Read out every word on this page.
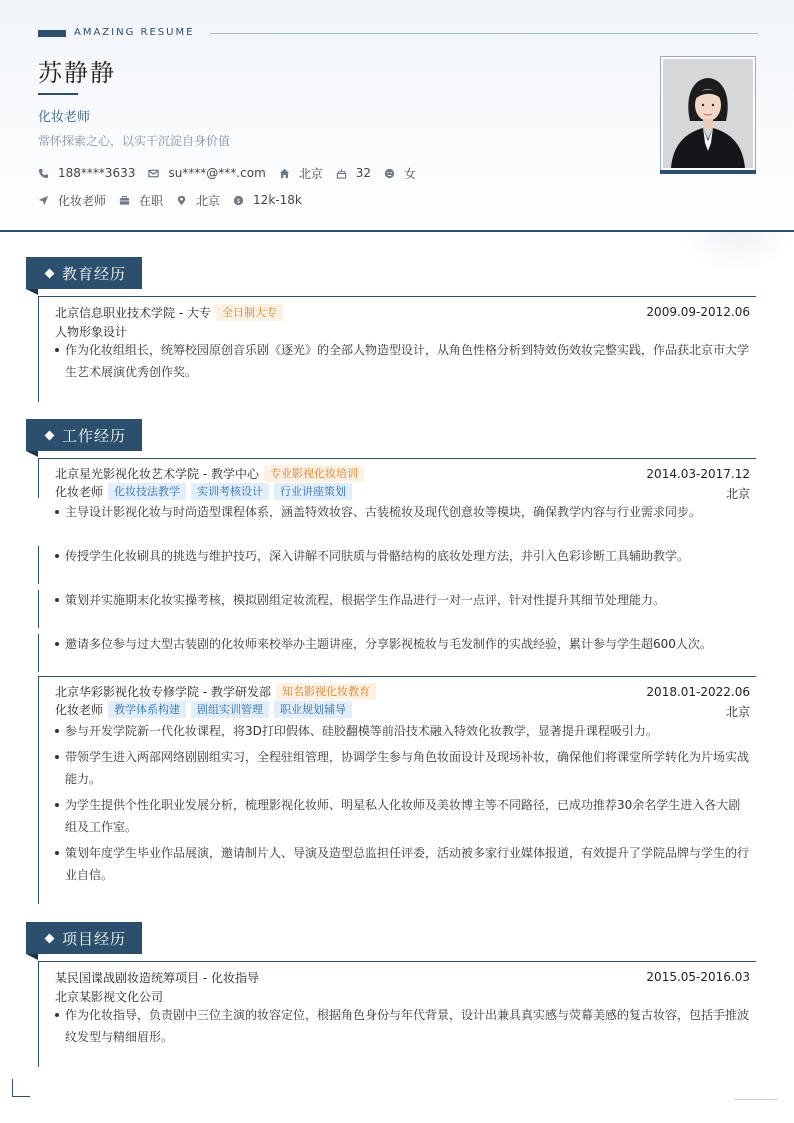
AMAZING RESUME
苏静静
化妆老师
常怀探索之心，以实干沉淀自身价值
188****3633	su****@***.com	北京	32	女
化妆老师	在职	北京 $ 12k-18k
教育经历
北京信息职业技术学院 - 大专	全日制大专	2009.09-2012.06
人物形象设计
作为化妆组组长，统筹校园原创音乐剧《逐光》的全部人物造型设计，从角色性格分析到特效伤效妆完整实践，作品获北京市大学
生艺术展演优秀创作奖。
工作经历
北京星光影视化妆艺术学院 - 教学中心	专业影视化妆培训	2014.03-2017.12
化妆老师	化妆技法教学	实训考核设计	行业讲座策划	北京
主导设计影视化妆与时尚造型课程体系，涵盖特效妆容、古装梳妆及现代创意妆等模块，确保教学内容与行业需求同步。
传授学生化妆刷具的挑选与维护技巧，深入讲解不同肤质与骨骼结构的底妆处理方法，并引入色彩诊断工具辅助教学。
策划并实施期末化妆实操考核，模拟剧组定妆流程，根据学生作品进行一对一点评，针对性提升其细节处理能力。
邀请多位参与过大型古装剧的化妆师来校举办主题讲座，分享影视梳妆与毛发制作的实战经验，累计参与学生超600人次。
北京华彩影视化妆专修学院 - 教学研发部	知名影视化妆教育	2018.01-2022.06
化妆老师	教学体系构建	剧组实训管理	职业规划辅导	北京
参与开发学院新一代化妆课程，将3D打印假体、硅胶翻模等前沿技术融入特效化妆教学，显著提升课程吸引力。
带领学生进入两部网络剧剧组实习，全程驻组管理，协调学生参与角色妆面设计及现场补妆，确保他们将课堂所学转化为片场实战
能力。
为学生提供个性化职业发展分析，梳理影视化妆师、明星私人化妆师及美妆博主等不同路径，已成功推荐30余名学生进入各大剧
组及工作室。
策划年度学生毕业作品展演，邀请制片人、导演及造型总监担任评委，活动被多家行业媒体报道，有效提升了学院品牌与学生的行
业自信。
项目经历
某民国谍战剧妆造统筹项目 - 化妆指导	2015.05-2016.03
北京某影视文化公司
作为化妆指导，负责剧中三位主演的妆容定位，根据角色身份与年代背景，设计出兼具真实感与荧幕美感的复古妆容，包括手推波
纹发型与精细眉形。
